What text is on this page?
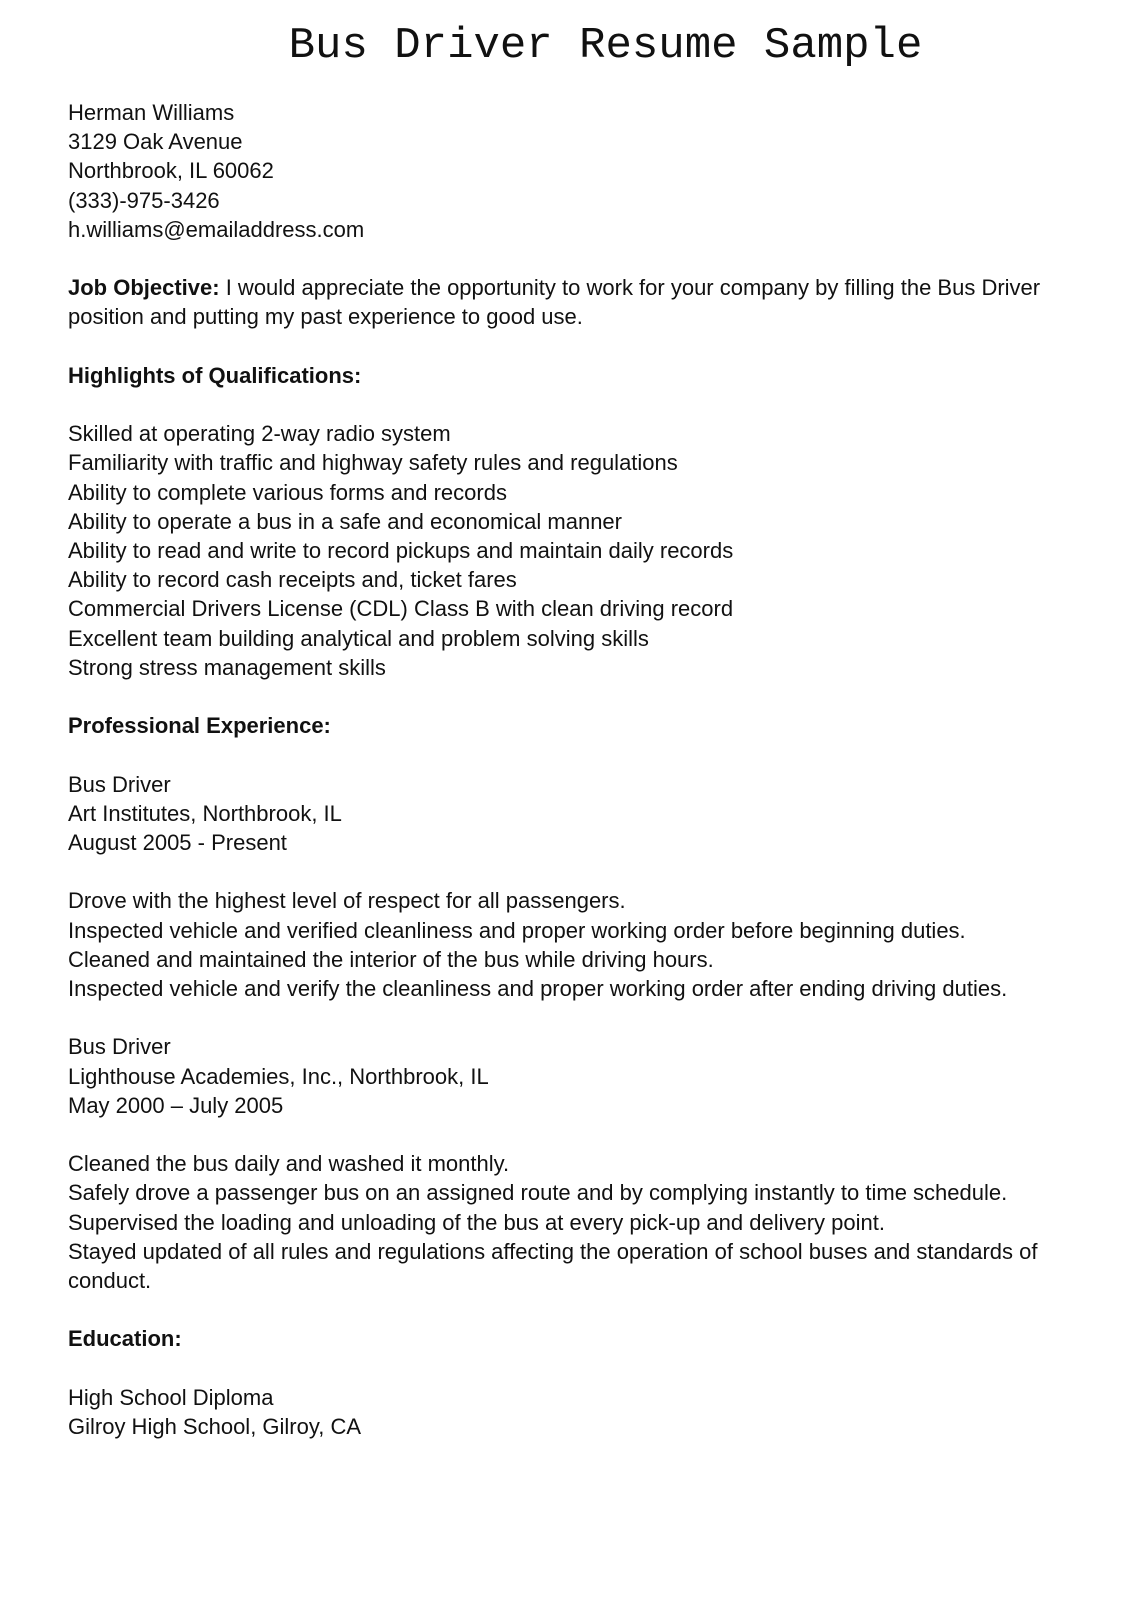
Bus Driver Resume Sample
Herman Williams
3129 Oak Avenue
Northbrook, IL 60062
(333)-975-3426
h.williams@emailaddress.com
Job Objective: I would appreciate the opportunity to work for your company by filling the Bus Driver position and putting my past experience to good use.
Highlights of Qualifications:
Skilled at operating 2-way radio system
Familiarity with traffic and highway safety rules and regulations
Ability to complete various forms and records
Ability to operate a bus in a safe and economical manner
Ability to read and write to record pickups and maintain daily records
Ability to record cash receipts and, ticket fares
Commercial Drivers License (CDL) Class B with clean driving record
Excellent team building analytical and problem solving skills
Strong stress management skills
Professional Experience:
Bus Driver
Art Institutes, Northbrook, IL
August 2005 - Present
Drove with the highest level of respect for all passengers.
Inspected vehicle and verified cleanliness and proper working order before beginning duties.
Cleaned and maintained the interior of the bus while driving hours.
Inspected vehicle and verify the cleanliness and proper working order after ending driving duties.
Bus Driver
Lighthouse Academies, Inc., Northbrook, IL
May 2000 – July 2005
Cleaned the bus daily and washed it monthly.
Safely drove a passenger bus on an assigned route and by complying instantly to time schedule.
Supervised the loading and unloading of the bus at every pick-up and delivery point.
Stayed updated of all rules and regulations affecting the operation of school buses and standards of conduct.
Education:
High School Diploma
Gilroy High School, Gilroy, CA
